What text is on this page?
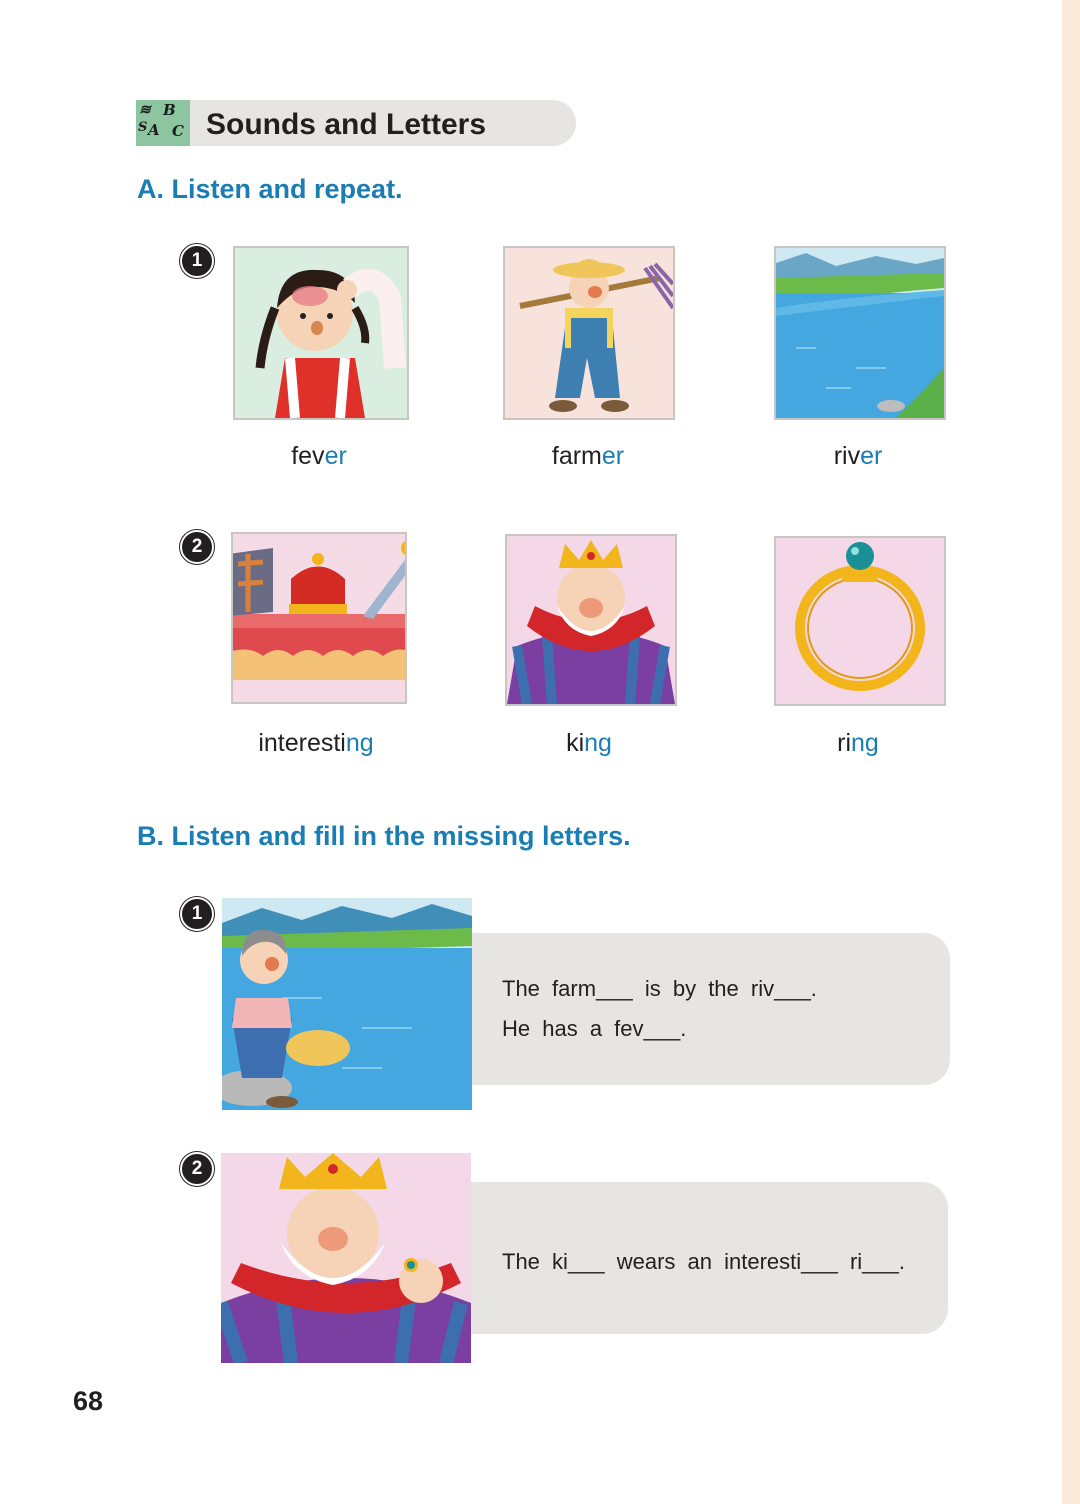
≋ B
A C
S Sounds and Letters
A. Listen and repeat.
1
fever	farmer	river
2
interesting	king	ring
B. Listen and fill in the missing letters.
1
The farm___ is by the riv___.
He has a fev___.
2
The ki___ wears an interesti___ ri___.
68
